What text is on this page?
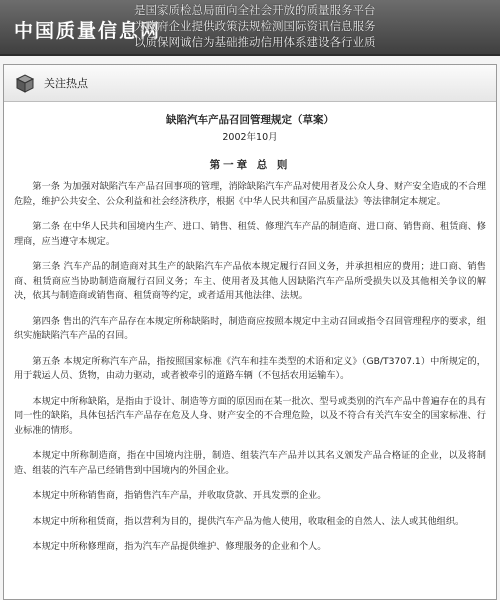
中国质量信息网
是国家质检总局面向全社会开放的质量服务平台
为政府企业提供政策法规检测国际资讯信息服务
以质保网诚信为基础推动信用体系建设各行业质
关注热点
缺陷汽车产品召回管理规定（草案）
2002年10月
第一章 总 则

第一条 为加强对缺陷汽车产品召回事项的管理，消除缺陷汽车产品对使用者及公众人身、财产安全造成的不合理危险，维护公共安全、公众利益和社会经济秩序，根据《中华人民共和国产品质量法》等法律制定本规定。

第二条 在中华人民共和国境内生产、进口、销售、租赁、修理汽车产品的制造商、进口商、销售商、租赁商、修理商，应当遵守本规定。

第三条 汽车产品的制造商对其生产的缺陷汽车产品依本规定履行召回义务，并承担相应的费用；进口商、销售商、租赁商应当协助制造商履行召回义务；车主、使用者及其他人因缺陷汽车产品所受损失以及其他相关争议的解决，依其与制造商或销售商、租赁商等约定，或者适用其他法律、法规。

第四条 售出的汽车产品存在本规定所称缺陷时，制造商应按照本规定中主动召回或指令召回管理程序的要求，组织实施缺陷汽车产品的召回。

第五条 本规定所称汽车产品，指按照国家标准《汽车和挂车类型的术语和定义》（GB/T3707.1）中所规定的，用于载运人员、货物，由动力驱动，或者被牵引的道路车辆（不包括农用运输车）。

本规定中所称缺陷，是指由于设计、制造等方面的原因而在某一批次、型号或类别的汽车产品中普遍存在的具有同一性的缺陷，具体包括汽车产品存在危及人身、财产安全的不合理危险，以及不符合有关汽车安全的国家标准、行业标准的情形。

本规定中所称制造商，指在中国境内注册，制造、组装汽车产品并以其名义颁发产品合格证的企业，以及将制造、组装的汽车产品已经销售到中国境内的外国企业。

本规定中所称销售商，指销售汽车产品，并收取贷款、开具发票的企业。

本规定中所称租赁商，指以营利为目的，提供汽车产品为他人使用，收取租金的自然人、法人或其他组织。

本规定中所称修理商，指为汽车产品提供维护、修理服务的企业和个人。
